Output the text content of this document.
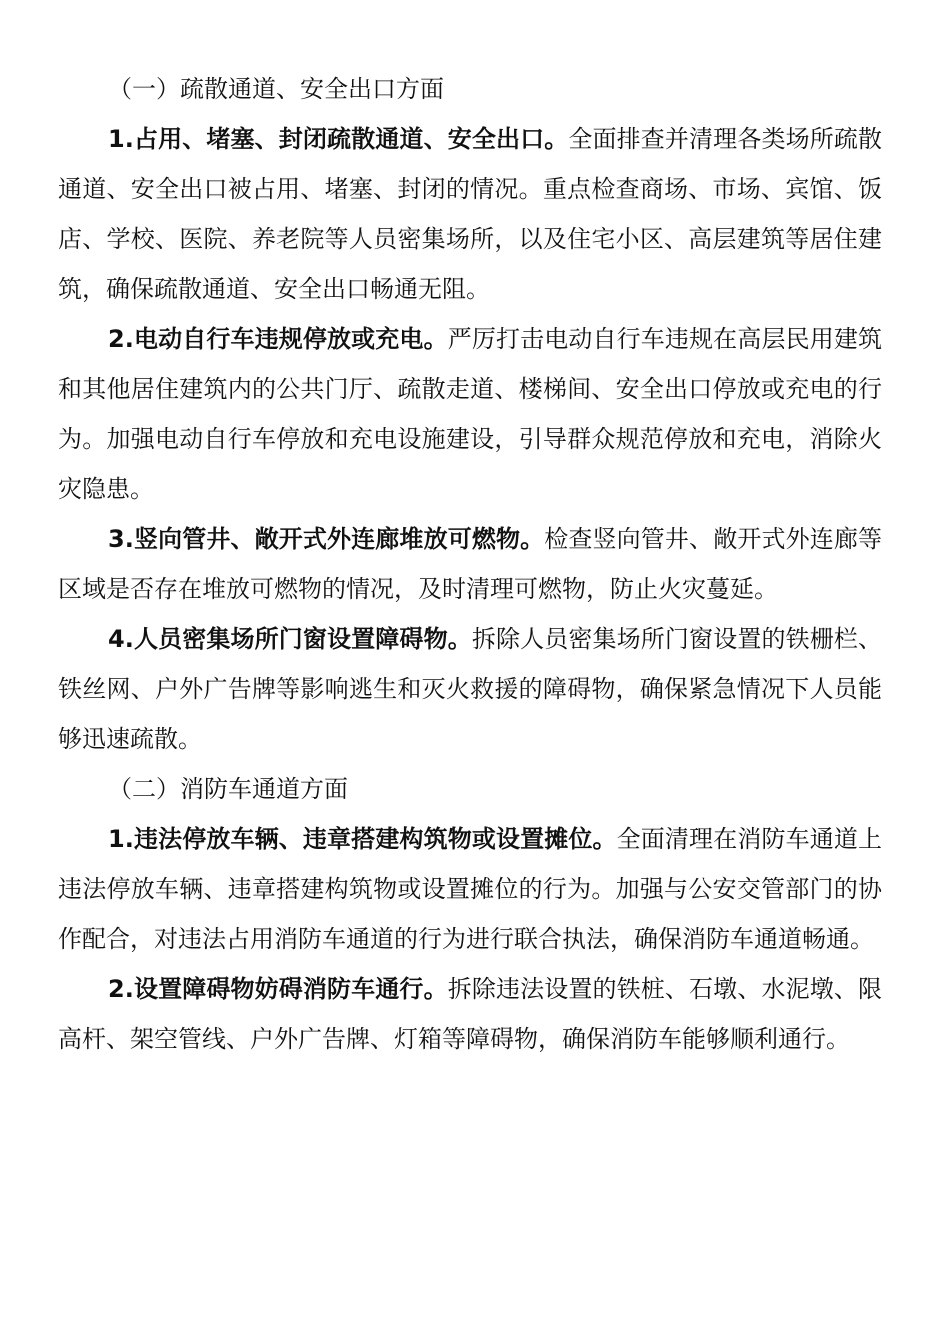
（一）疏散通道、安全出口方面

1.占用、堵塞、封闭疏散通道、安全出口。全面排查并清理各类场所疏散通道、安全出口被占用、堵塞、封闭的情况。重点检查商场、市场、宾馆、饭店、学校、医院、养老院等人员密集场所，以及住宅小区、高层建筑等居住建筑，确保疏散通道、安全出口畅通无阻。

2.电动自行车违规停放或充电。严厉打击电动自行车违规在高层民用建筑和其他居住建筑内的公共门厅、疏散走道、楼梯间、安全出口停放或充电的行为。加强电动自行车停放和充电设施建设，引导群众规范停放和充电，消除火灾隐患。

3.竖向管井、敞开式外连廊堆放可燃物。检查竖向管井、敞开式外连廊等区域是否存在堆放可燃物的情况，及时清理可燃物，防止火灾蔓延。

4.人员密集场所门窗设置障碍物。拆除人员密集场所门窗设置的铁栅栏、铁丝网、户外广告牌等影响逃生和灭火救援的障碍物，确保紧急情况下人员能够迅速疏散。

（二）消防车通道方面

1.违法停放车辆、违章搭建构筑物或设置摊位。全面清理在消防车通道上违法停放车辆、违章搭建构筑物或设置摊位的行为。加强与公安交管部门的协作配合，对违法占用消防车通道的行为进行联合执法，确保消防车通道畅通。

2.设置障碍物妨碍消防车通行。拆除违法设置的铁桩、石墩、水泥墩、限高杆、架空管线、户外广告牌、灯箱等障碍物，确保消防车能够顺利通行。
